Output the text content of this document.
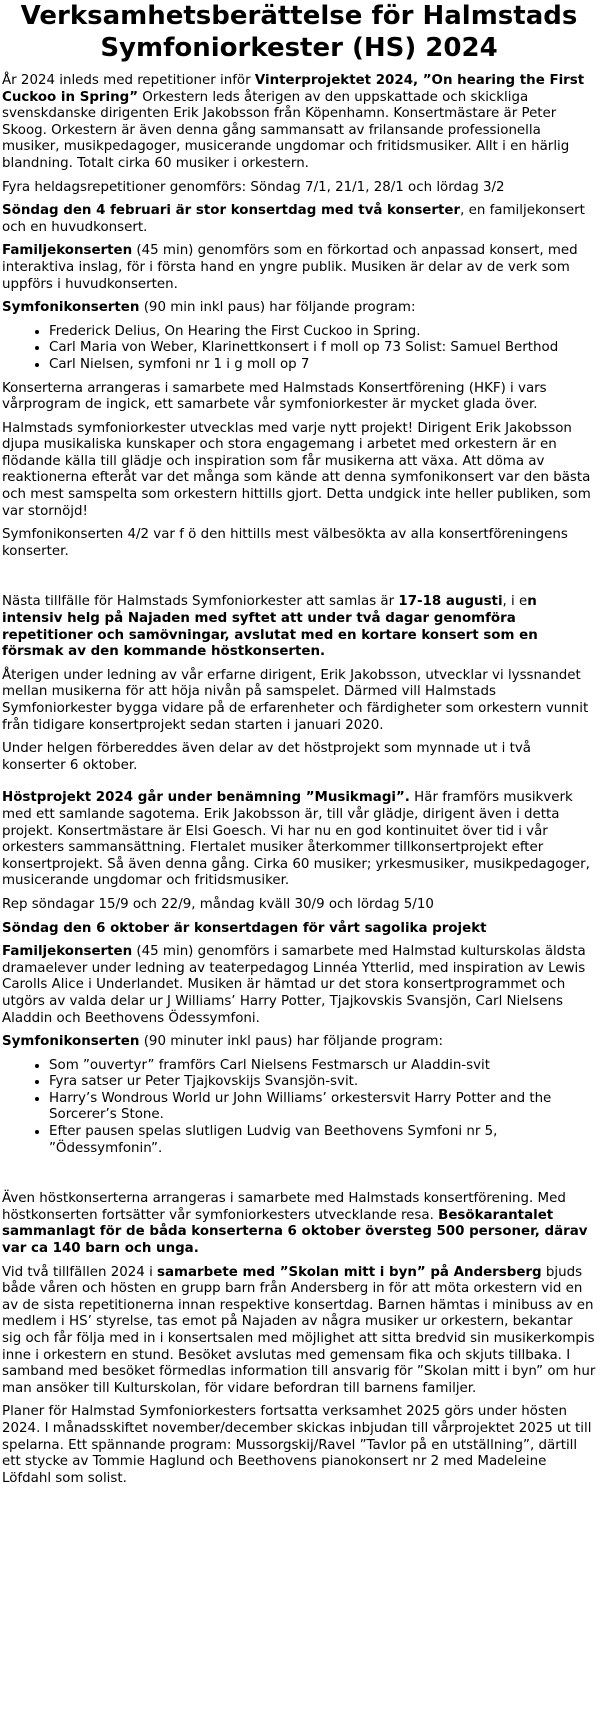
Verksamhetsberättelse för Halmstads Symfoniorkester (HS) 2024

År 2024 inleds med repetitioner inför Vinterprojektet 2024, ”On hearing the First Cuckoo in Spring” Orkestern leds återigen av den uppskattade och skickliga svenskdanske dirigenten Erik Jakobsson från Köpenhamn. Konsertmästare är Peter Skoog. Orkestern är även denna gång sammansatt av frilansande professionella musiker, musikpedagoger, musicerande ungdomar och fritidsmusiker. Allt i en härlig blandning. Totalt cirka 60 musiker i orkestern.

Fyra heldagsrepetitioner genomförs: Söndag 7/1, 21/1, 28/1 och lördag 3/2

Söndag den 4 februari är stor konsertdag med två konserter, en familjekonsert och en huvudkonsert.

Familjekonserten (45 min) genomförs som en förkortad och anpassad konsert, med interaktiva inslag, för i första hand en yngre publik. Musiken är delar av de verk som uppförs i huvudkonserten.

Symfonikonserten (90 min inkl paus) har följande program:

• Frederick Delius, On Hearing the First Cuckoo in Spring.
• Carl Maria von Weber, Klarinettkonsert i f moll op 73 Solist: Samuel Berthod
• Carl Nielsen, symfoni nr 1 i g moll op 7

Konserterna arrangeras i samarbete med Halmstads Konsertförening (HKF) i vars vårprogram de ingick, ett samarbete vår symfoniorkester är mycket glada över.

Halmstads symfoniorkester utvecklas med varje nytt projekt! Dirigent Erik Jakobsson djupa musikaliska kunskaper och stora engagemang i arbetet med orkestern är en flödande källa till glädje och inspiration som får musikerna att växa. Att döma av reaktionerna efteråt var det många som kände att denna symfonikonsert var den bästa och mest samspelta som orkestern hittills gjort. Detta undgick inte heller publiken, som var stornöjd!

Symfonikonserten 4/2 var f ö den hittills mest välbesökta av alla konsertföreningens konserter.

Nästa tillfälle för Halmstads Symfoniorkester att samlas är 17-18 augusti, i en intensiv helg på Najaden med syftet att under två dagar genomföra repetitioner och samövningar, avslutat med en kortare konsert som en försmak av den kommande höstkonserten.

Återigen under ledning av vår erfarne dirigent, Erik Jakobsson, utvecklar vi lyssnandet mellan musikerna för att höja nivån på samspelet. Därmed vill Halmstads Symfoniorkester bygga vidare på de erfarenheter och färdigheter som orkestern vunnit från tidigare konsertprojekt sedan starten i januari 2020.

Under helgen förbereddes även delar av det höstprojekt som mynnade ut i två konserter 6 oktober.

Höstprojekt 2024 går under benämning ”Musikmagi”. Här framförs musikverk med ett samlande sagotema. Erik Jakobsson är, till vår glädje, dirigent även i detta projekt. Konsertmästare är Elsi Goesch. Vi har nu en god kontinuitet över tid i vår orkesters sammansättning. Flertalet musiker återkommer tillkonsertprojekt efter konsertprojekt. Så även denna gång. Cirka 60 musiker; yrkesmusiker, musikpedagoger, musicerande ungdomar och fritidsmusiker.

Rep söndagar 15/9 och 22/9, måndag kväll 30/9 och lördag 5/10

Söndag den 6 oktober är konsertdagen för vårt sagolika projekt

Familjekonserten (45 min) genomförs i samarbete med Halmstad kulturskolas äldsta dramaelever under ledning av teaterpedagog Linnéa Ytterlid, med inspiration av Lewis Carolls Alice i Underlandet. Musiken är hämtad ur det stora konsertprogrammet och utgörs av valda delar ur J Williams’ Harry Potter, Tjajkovskis Svansjön, Carl Nielsens Aladdin och Beethovens Ödessymfoni.

Symfonikonserten (90 minuter inkl paus) har följande program:

• Som ”ouvertyr” framförs Carl Nielsens Festmarsch ur Aladdin-svit
• Fyra satser ur Peter Tjajkovskijs Svansjön-svit.
• Harry’s Wondrous World ur John Williams’ orkestersvit Harry Potter and the Sorcerer’s Stone.
• Efter pausen spelas slutligen Ludvig van Beethovens Symfoni nr 5, ”Ödessymfonin”.

Även höstkonserterna arrangeras i samarbete med Halmstads konsertförening. Med höstkonserten fortsätter vår symfoniorkesters utvecklande resa. Besökarantalet sammanlagt för de båda konserterna 6 oktober översteg 500 personer, därav var ca 140 barn och unga.

Vid två tillfällen 2024 i samarbete med ”Skolan mitt i byn” på Andersberg bjuds både våren och hösten en grupp barn från Andersberg in för att möta orkestern vid en av de sista repetitionerna innan respektive konsertdag. Barnen hämtas i minibuss av en medlem i HS’ styrelse, tas emot på Najaden av några musiker ur orkestern, bekantar sig och får följa med in i konsertsalen med möjlighet att sitta bredvid sin musikerkompis inne i orkestern en stund. Besöket avslutas med gemensam fika och skjuts tillbaka. I samband med besöket förmedlas information till ansvarig för ”Skolan mitt i byn” om hur man ansöker till Kulturskolan, för vidare befordran till barnens familjer.

Planer för Halmstad Symfoniorkesters fortsatta verksamhet 2025 görs under hösten 2024. I månadsskiftet november/december skickas inbjudan till vårprojektet 2025 ut till spelarna. Ett spännande program: Mussorgskij/Ravel ”Tavlor på en utställning”, därtill ett stycke av Tommie Haglund och Beethovens pianokonsert nr 2 med Madeleine Löfdahl som solist.
